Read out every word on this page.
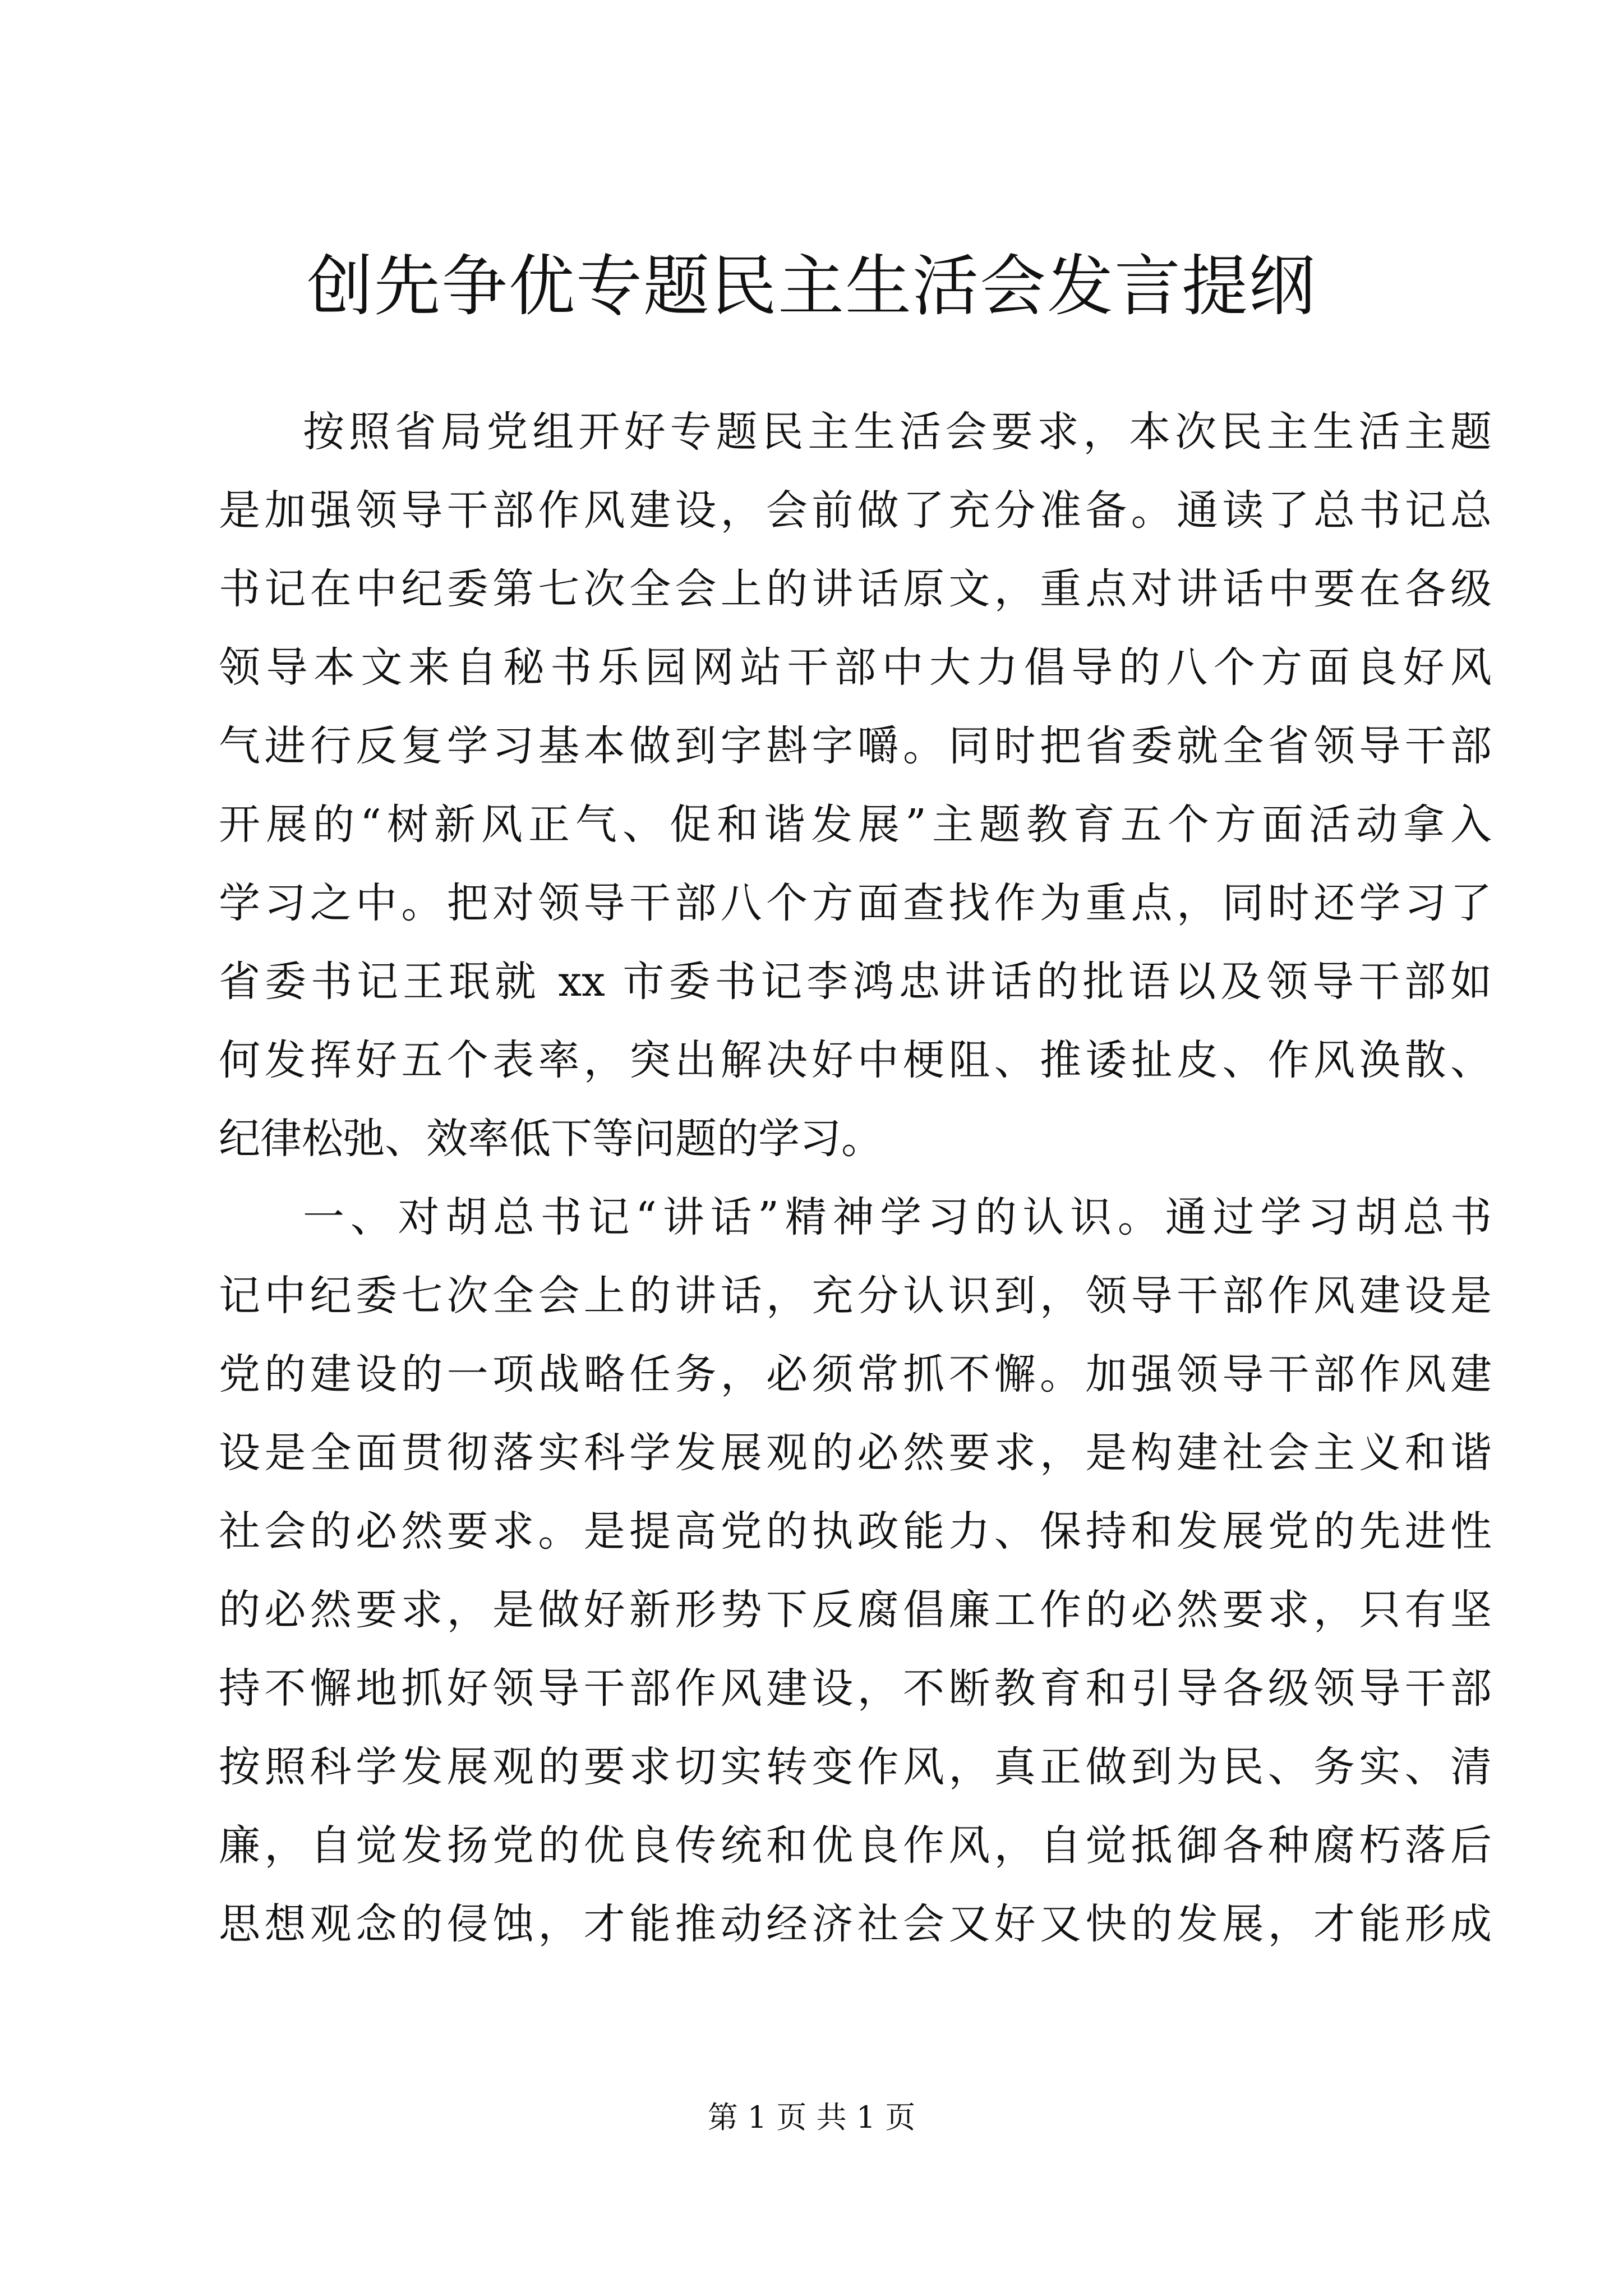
创先争优专题民主生活会发言提纲
按照省局党组开好专题民主生活会要求，本次民主生活主题
是加强领导干部作风建设，会前做了充分准备。通读了总书记总
书记在中纪委第七次全会上的讲话原文，重点对讲话中要在各级
领导本文来自秘书乐园网站干部中大力倡导的八个方面良好风
气进行反复学习基本做到字斟字嚼。同时把省委就全省领导干部
开展的“树新风正气、促和谐发展”主题教育五个方面活动拿入
学习之中。把对领导干部八个方面查找作为重点，同时还学习了
省委书记王珉就 xx 市委书记李鸿忠讲话的批语以及领导干部如
何发挥好五个表率，突出解决好中梗阻、推诿扯皮、作风涣散、
纪律松弛、效率低下等问题的学习。
一、对胡总书记“讲话”精神学习的认识。通过学习胡总书
记中纪委七次全会上的讲话，充分认识到，领导干部作风建设是
党的建设的一项战略任务，必须常抓不懈。加强领导干部作风建
设是全面贯彻落实科学发展观的必然要求，是构建社会主义和谐
社会的必然要求。是提高党的执政能力、保持和发展党的先进性
的必然要求，是做好新形势下反腐倡廉工作的必然要求，只有坚
持不懈地抓好领导干部作风建设，不断教育和引导各级领导干部
按照科学发展观的要求切实转变作风，真正做到为民、务实、清
廉，自觉发扬党的优良传统和优良作风，自觉抵御各种腐朽落后
思想观念的侵蚀，才能推动经济社会又好又快的发展，才能形成
第 1 页 共 1 页
